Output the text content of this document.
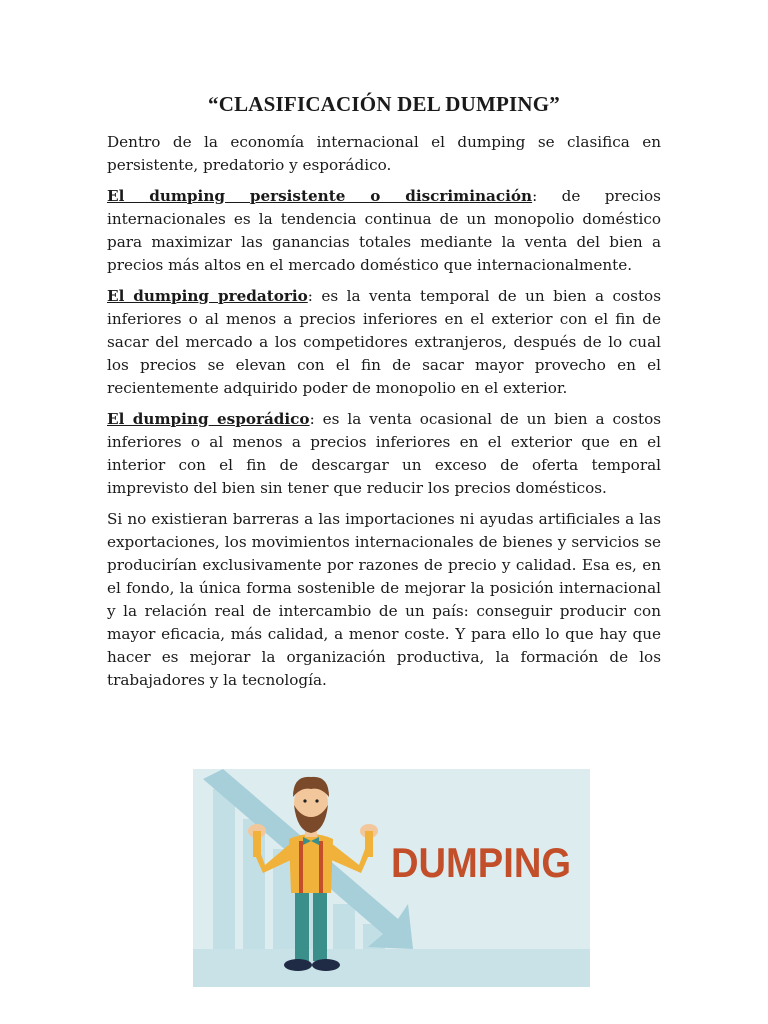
“CLASIFICACIÓN DEL DUMPING”

Dentro de la economía internacional el dumping se clasifica en persistente, predatorio y esporádico.

El dumping persistente o discriminación: de precios internacionales es la tendencia continua de un monopolio doméstico para maximizar las ganancias totales mediante la venta del bien a precios más altos en el mercado doméstico que internacionalmente.

El dumping predatorio: es la venta temporal de un bien a costos inferiores o al menos a precios inferiores en el exterior con el fin de sacar del mercado a los competidores extranjeros, después de lo cual los precios se elevan con el fin de sacar mayor provecho en el recientemente adquirido poder de monopolio en el exterior.

El dumping esporádico: es la venta ocasional de un bien a costos inferiores o al menos a precios inferiores en el exterior que en el interior con el fin de descargar un exceso de oferta temporal imprevisto del bien sin tener que reducir los precios domésticos.

Si no existieran barreras a las importaciones ni ayudas artificiales a las exportaciones, los movimientos internacionales de bienes y servicios se producirían exclusivamente por razones de precio y calidad. Esa es, en el fondo, la única forma sostenible de mejorar la posición internacional y la relación real de intercambio de un país: conseguir producir con mayor eficacia, más calidad, a menor coste. Y para ello lo que hay que hacer es mejorar la organización productiva, la formación de los trabajadores y la tecnología.

DUMPING
